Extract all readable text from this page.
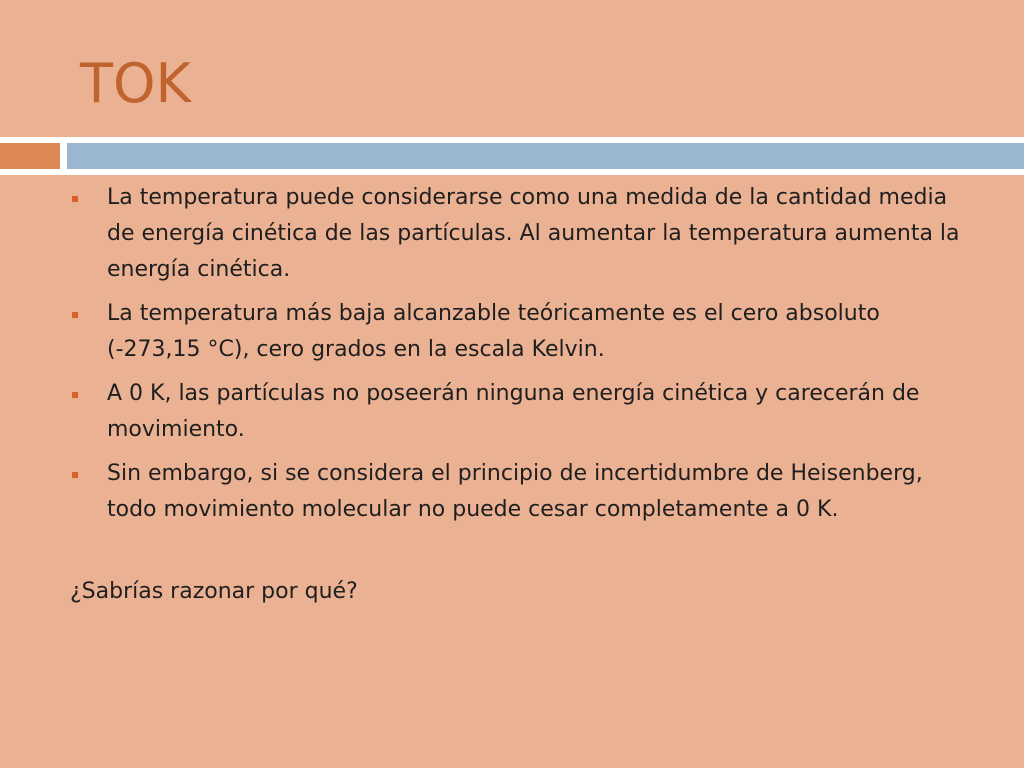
TOK
La temperatura puede considerarse como una medida de la cantidad media de energía cinética de las partículas. Al aumentar la temperatura aumenta la energía cinética.
La temperatura más baja alcanzable teóricamente es el cero absoluto (-273,15 °C), cero grados en la escala Kelvin.
A 0 K, las partículas no poseerán ninguna energía cinética y carecerán de movimiento.
Sin embargo, si se considera el principio de incertidumbre de Heisenberg, todo movimiento molecular no puede cesar completamente a 0 K.

¿Sabrías razonar por qué?
